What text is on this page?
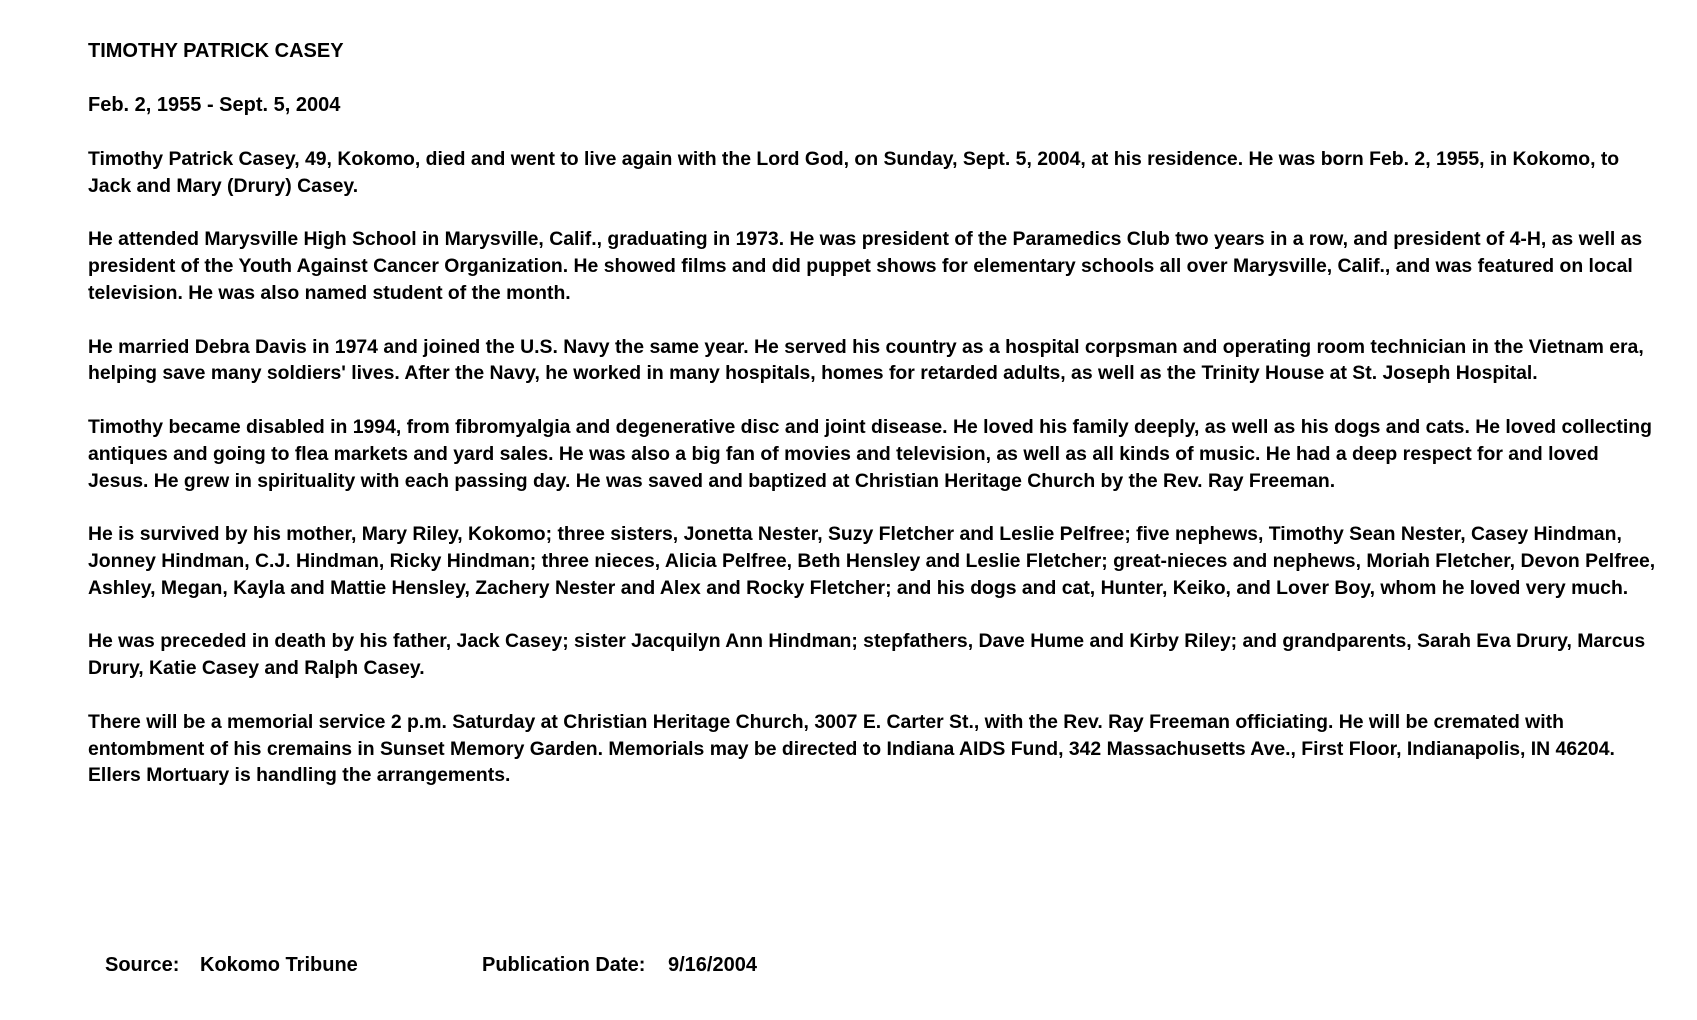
TIMOTHY PATRICK CASEY
Feb. 2, 1955 - Sept. 5, 2004

Timothy Patrick Casey, 49, Kokomo, died and went to live again with the Lord God, on Sunday, Sept. 5, 2004, at his residence. He was born Feb. 2, 1955, in Kokomo, to Jack and Mary (Drury) Casey.

He attended Marysville High School in Marysville, Calif., graduating in 1973. He was president of the Paramedics Club two years in a row, and president of 4-H, as well as president of the Youth Against Cancer Organization. He showed films and did puppet shows for elementary schools all over Marysville, Calif., and was featured on local television. He was also named student of the month.

He married Debra Davis in 1974 and joined the U.S. Navy the same year. He served his country as a hospital corpsman and operating room technician in the Vietnam era, helping save many soldiers' lives. After the Navy, he worked in many hospitals, homes for retarded adults, as well as the Trinity House at St. Joseph Hospital.

Timothy became disabled in 1994, from fibromyalgia and degenerative disc and joint disease. He loved his family deeply, as well as his dogs and cats. He loved collecting antiques and going to flea markets and yard sales. He was also a big fan of movies and television, as well as all kinds of music. He had a deep respect for and loved Jesus. He grew in spirituality with each passing day. He was saved and baptized at Christian Heritage Church by the Rev. Ray Freeman.

He is survived by his mother, Mary Riley, Kokomo; three sisters, Jonetta Nester, Suzy Fletcher and Leslie Pelfree; five nephews, Timothy Sean Nester, Casey Hindman, Jonney Hindman, C.J. Hindman, Ricky Hindman; three nieces, Alicia Pelfree, Beth Hensley and Leslie Fletcher; great-nieces and nephews, Moriah Fletcher, Devon Pelfree, Ashley, Megan, Kayla and Mattie Hensley, Zachery Nester and Alex and Rocky Fletcher; and his dogs and cat, Hunter, Keiko, and Lover Boy, whom he loved very much.

He was preceded in death by his father, Jack Casey; sister Jacquilyn Ann Hindman; stepfathers, Dave Hume and Kirby Riley; and grandparents, Sarah Eva Drury, Marcus Drury, Katie Casey and Ralph Casey.

There will be a memorial service 2 p.m. Saturday at Christian Heritage Church, 3007 E. Carter St., with the Rev. Ray Freeman officiating. He will be cremated with entombment of his cremains in Sunset Memory Garden. Memorials may be directed to Indiana AIDS Fund, 342 Massachusetts Ave., First Floor, Indianapolis, IN 46204. Ellers Mortuary is handling the arrangements.

Source: Kokomo Tribune	Publication Date: 9/16/2004
